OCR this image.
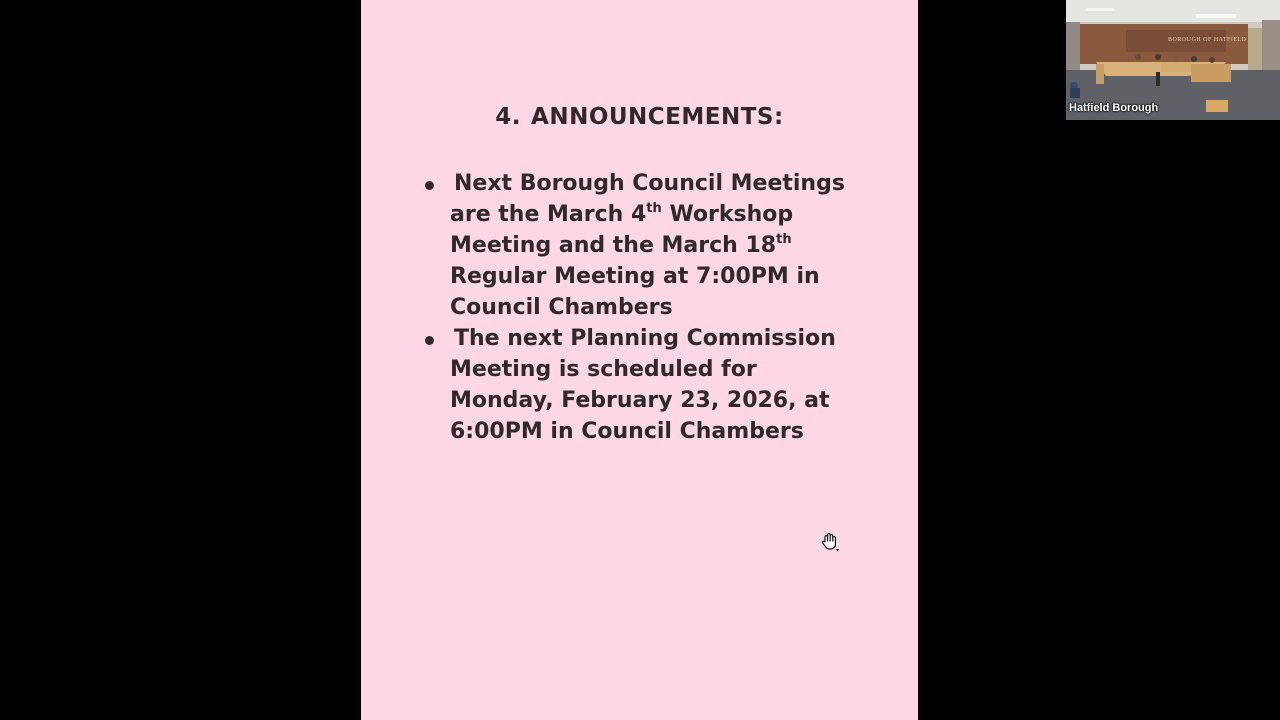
4. ANNOUNCEMENTS:
Next Borough Council Meetings
are the March 4th Workshop
Meeting and the March 18th
Regular Meeting at 7:00PM in
Council Chambers
The next Planning Commission
Meeting is scheduled for
Monday, February 23, 2026, at
6:00PM in Council Chambers
BOROUGH OF HATFIELD
Hatfield Borough
